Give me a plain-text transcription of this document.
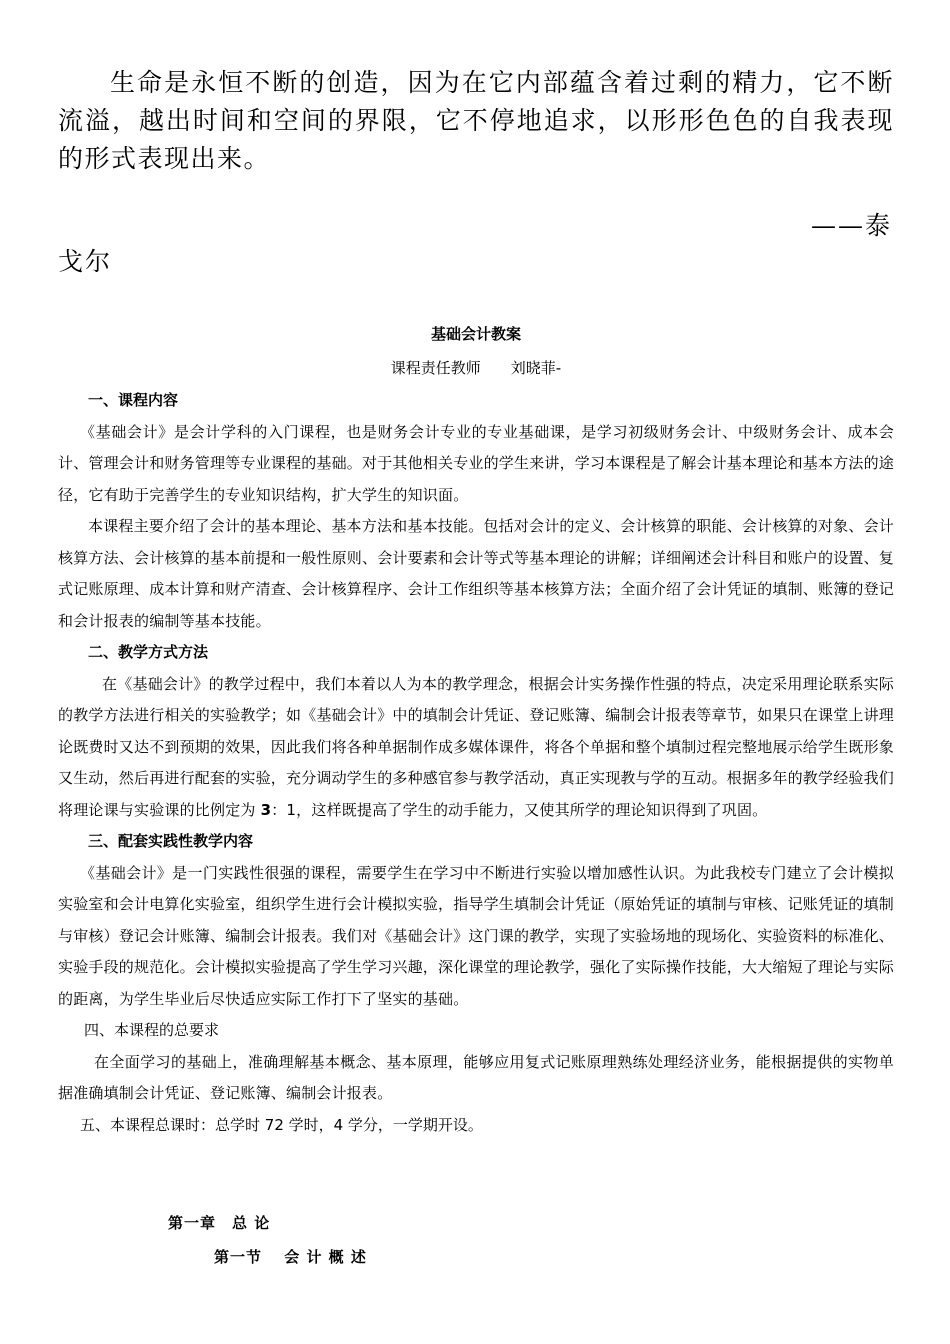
生命是永恒不断的创造，因为在它内部蕴含着过剩的精力，它不断流溢，越出时间和空间的界限，它不停地追求，以形形色色的自我表现的形式表现出来。
——泰
戈尔
基础会计教案
课程责任教师 刘晓菲-
一、课程内容
《基础会计》是会计学科的入门课程，也是财务会计专业的专业基础课，是学习初级财务会计、中级财务会计、成本会计、管理会计和财务管理等专业课程的基础。对于其他相关专业的学生来讲，学习本课程是了解会计基本理论和基本方法的途径，它有助于完善学生的专业知识结构，扩大学生的知识面。
本课程主要介绍了会计的基本理论、基本方法和基本技能。包括对会计的定义、会计核算的职能、会计核算的对象、会计核算方法、会计核算的基本前提和一般性原则、会计要素和会计等式等基本理论的讲解；详细阐述会计科目和账户的设置、复式记账原理、成本计算和财产清查、会计核算程序、会计工作组织等基本核算方法；全面介绍了会计凭证的填制、账簿的登记和会计报表的编制等基本技能。
二、教学方式方法
在《基础会计》的教学过程中，我们本着以人为本的教学理念，根据会计实务操作性强的特点，决定采用理论联系实际的教学方法进行相关的实验教学；如《基础会计》中的填制会计凭证、登记账簿、编制会计报表等章节，如果只在课堂上讲理论既费时又达不到预期的效果，因此我们将各种单据制作成多媒体课件，将各个单据和整个填制过程完整地展示给学生既形象又生动，然后再进行配套的实验，充分调动学生的多种感官参与教学活动，真正实现教与学的互动。根据多年的教学经验我们将理论课与实验课的比例定为 3：1，这样既提高了学生的动手能力，又使其所学的理论知识得到了巩固。
三、配套实践性教学内容
《基础会计》是一门实践性很强的课程，需要学生在学习中不断进行实验以增加感性认识。为此我校专门建立了会计模拟实验室和会计电算化实验室，组织学生进行会计模拟实验，指导学生填制会计凭证（原始凭证的填制与审核、记账凭证的填制与审核）登记会计账簿、编制会计报表。我们对《基础会计》这门课的教学，实现了实验场地的现场化、实验资料的标准化、实验手段的规范化。会计模拟实验提高了学生学习兴趣，深化课堂的理论教学，强化了实际操作技能，大大缩短了理论与实际的距离，为学生毕业后尽快适应实际工作打下了坚实的基础。
四、本课程的总要求
在全面学习的基础上，准确理解基本概念、基本原理，能够应用复式记账原理熟练处理经济业务，能根据提供的实物单据准确填制会计凭证、登记账簿、编制会计报表。
五、本课程总课时：总学时 72 学时，4 学分，一学期开设。
第一章　总 论
第一节　 会 计 概 述
